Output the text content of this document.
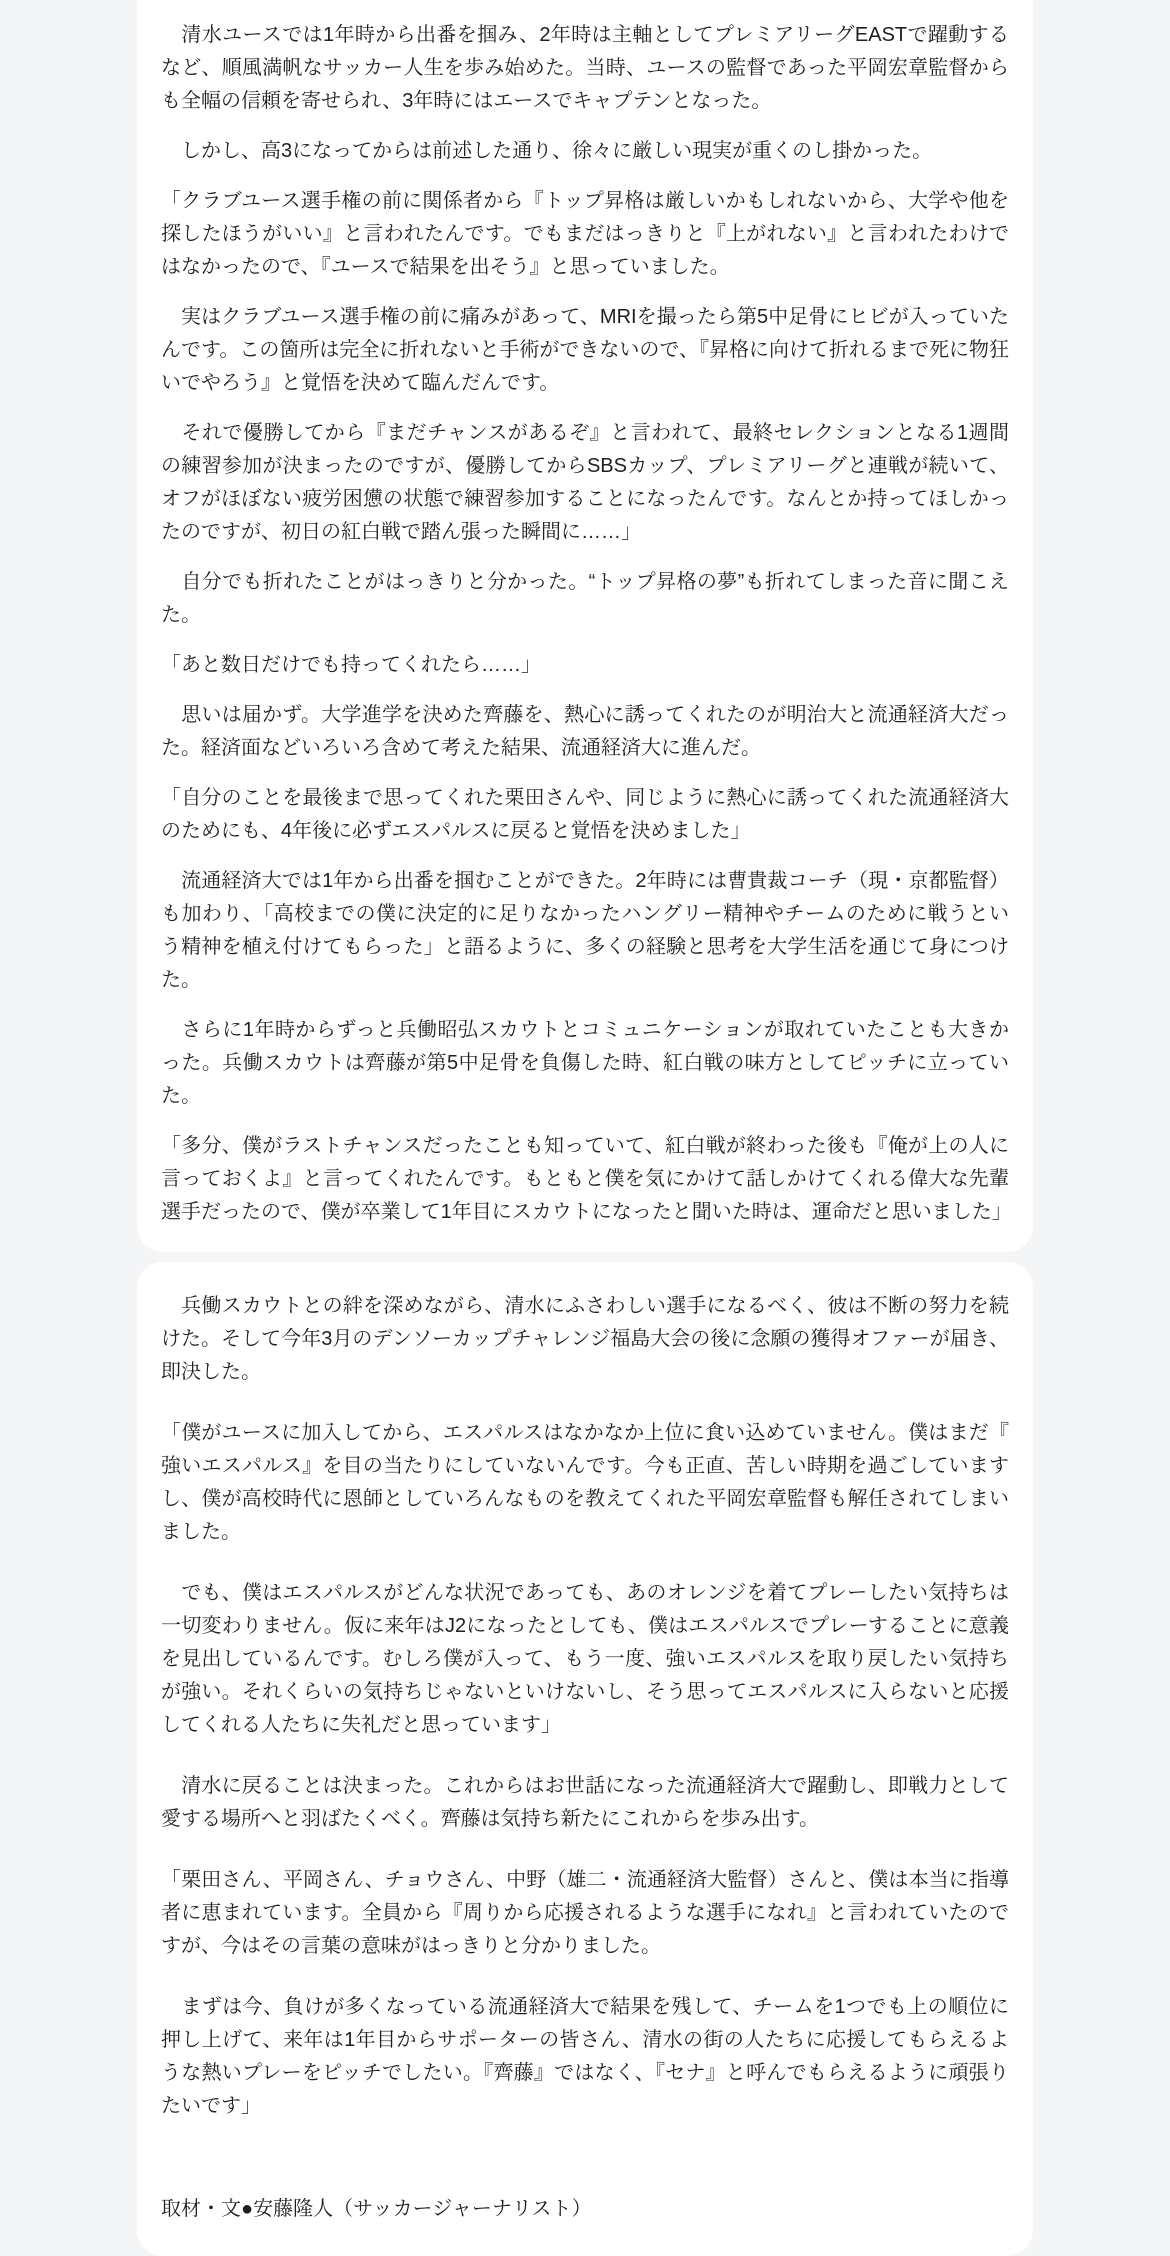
　清水ユースでは1年時から出番を掴み、2年時は主軸としてプレミアリーグEASTで躍動するなど、順風満帆なサッカー人生を歩み始めた。当時、ユースの監督であった平岡宏章監督からも全幅の信頼を寄せられ、3年時にはエースでキャプテンとなった。

　しかし、高3になってからは前述した通り、徐々に厳しい現実が重くのし掛かった。

「クラブユース選手権の前に関係者から『トップ昇格は厳しいかもしれないから、大学や他を探したほうがいい』と言われたんです。でもまだはっきりと『上がれない』と言われたわけではなかったので、『ユースで結果を出そう』と思っていました。

　実はクラブユース選手権の前に痛みがあって、MRIを撮ったら第5中足骨にヒビが入っていたんです。この箇所は完全に折れないと手術ができないので、『昇格に向けて折れるまで死に物狂いでやろう』と覚悟を決めて臨んだんです。

　それで優勝してから『まだチャンスがあるぞ』と言われて、最終セレクションとなる1週間の練習参加が決まったのですが、優勝してからSBSカップ、プレミアリーグと連戦が続いて、オフがほぼない疲労困憊の状態で練習参加することになったんです。なんとか持ってほしかったのですが、初日の紅白戦で踏ん張った瞬間に……」

　自分でも折れたことがはっきりと分かった。“トップ昇格の夢”も折れてしまった音に聞こえた。

「あと数日だけでも持ってくれたら……」

　思いは届かず。大学進学を決めた齊藤を、熱心に誘ってくれたのが明治大と流通経済大だった。経済面などいろいろ含めて考えた結果、流通経済大に進んだ。

「自分のことを最後まで思ってくれた栗田さんや、同じように熱心に誘ってくれた流通経済大のためにも、4年後に必ずエスパルスに戻ると覚悟を決めました」

　流通経済大では1年から出番を掴むことができた。2年時には曹貴裁コーチ（現・京都監督）も加わり、「高校までの僕に決定的に足りなかったハングリー精神やチームのために戦うという精神を植え付けてもらった」と語るように、多くの経験と思考を大学生活を通じて身につけた。

　さらに1年時からずっと兵働昭弘スカウトとコミュニケーションが取れていたことも大きかった。兵働スカウトは齊藤が第5中足骨を負傷した時、紅白戦の味方としてピッチに立っていた。

「多分、僕がラストチャンスだったことも知っていて、紅白戦が終わった後も『俺が上の人に言っておくよ』と言ってくれたんです。もともと僕を気にかけて話しかけてくれる偉大な先輩選手だったので、僕が卒業して1年目にスカウトになったと聞いた時は、運命だと思いました」

　兵働スカウトとの絆を深めながら、清水にふさわしい選手になるべく、彼は不断の努力を続けた。そして今年3月のデンソーカップチャレンジ福島大会の後に念願の獲得オファーが届き、即決した。

「僕がユースに加入してから、エスパルスはなかなか上位に食い込めていません。僕はまだ『強いエスパルス』を目の当たりにしていないんです。今も正直、苦しい時期を過ごしていますし、僕が高校時代に恩師としていろんなものを教えてくれた平岡宏章監督も解任されてしまいました。

　でも、僕はエスパルスがどんな状況であっても、あのオレンジを着てプレーしたい気持ちは一切変わりません。仮に来年はJ2になったとしても、僕はエスパルスでプレーすることに意義を見出しているんです。むしろ僕が入って、もう一度、強いエスパルスを取り戻したい気持ちが強い。それくらいの気持ちじゃないといけないし、そう思ってエスパルスに入らないと応援してくれる人たちに失礼だと思っています」

　清水に戻ることは決まった。これからはお世話になった流通経済大で躍動し、即戦力として愛する場所へと羽ばたくべく。齊藤は気持ち新たにこれからを歩み出す。

「栗田さん、平岡さん、チョウさん、中野（雄二・流通経済大監督）さんと、僕は本当に指導者に恵まれています。全員から『周りから応援されるような選手になれ』と言われていたのですが、今はその言葉の意味がはっきりと分かりました。

　まずは今、負けが多くなっている流通経済大で結果を残して、チームを1つでも上の順位に押し上げて、来年は1年目からサポーターの皆さん、清水の街の人たちに応援してもらえるような熱いプレーをピッチでしたい。『齊藤』ではなく、『セナ』と呼んでもらえるように頑張りたいです」

取材・文●安藤隆人（サッカージャーナリスト）
